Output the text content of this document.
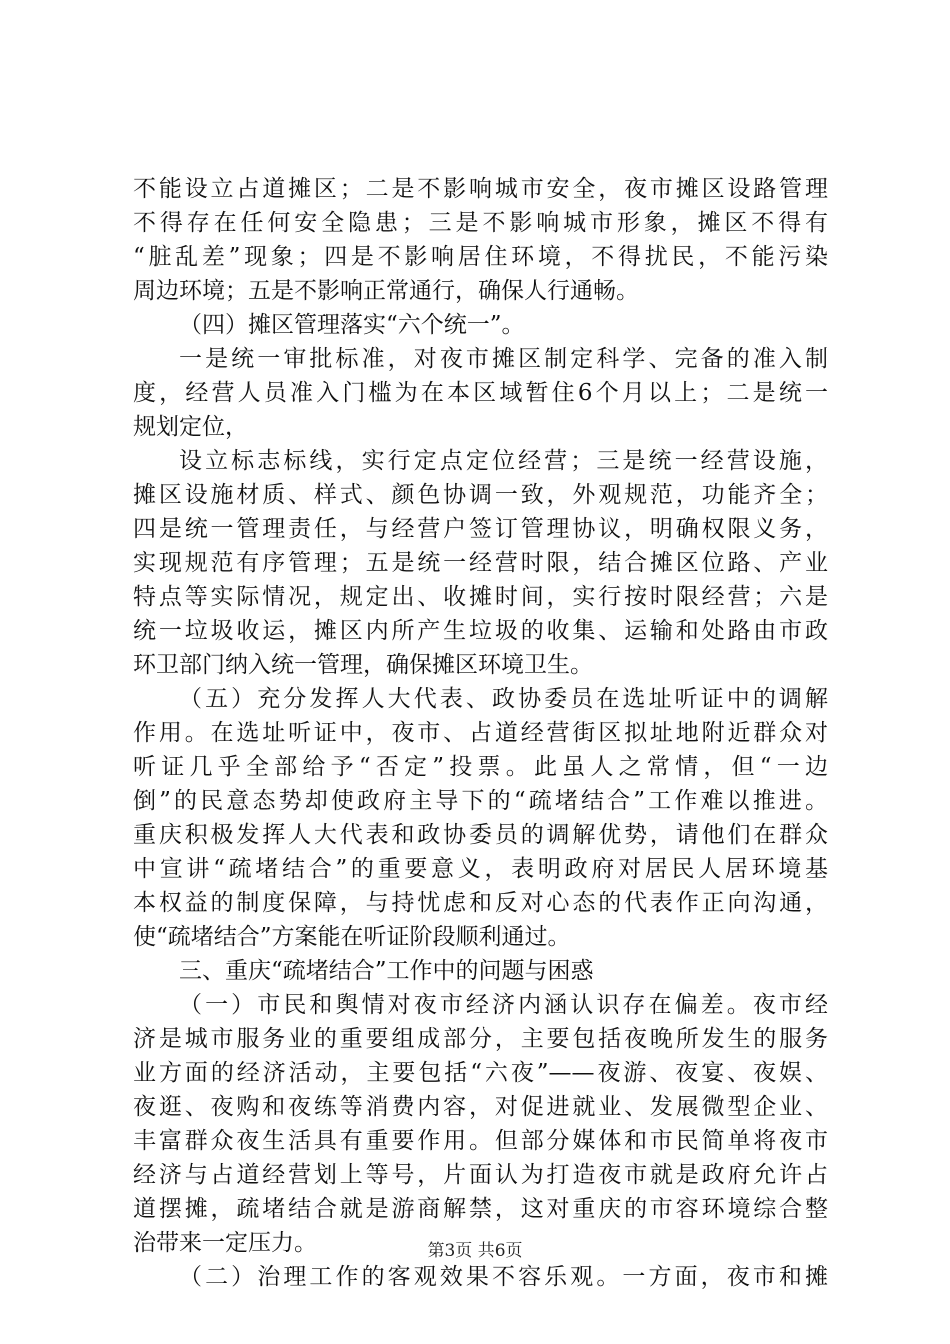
不能设立占道摊区；二是不影响城市安全，夜市摊区设路管理
不得存在任何安全隐患；三是不影响城市形象，摊区不得有
“脏乱差”现象；四是不影响居住环境，不得扰民，不能污染
周边环境；五是不影响正常通行，确保人行通畅。
（四）摊区管理落实“六个统一”。
一是统一审批标准，对夜市摊区制定科学、完备的准入制
度，经营人员准入门槛为在本区域暂住6个月以上；二是统一
规划定位，
设立标志标线，实行定点定位经营；三是统一经营设施，
摊区设施材质、样式、颜色协调一致，外观规范，功能齐全；
四是统一管理责任，与经营户签订管理协议，明确权限义务，
实现规范有序管理；五是统一经营时限，结合摊区位路、产业
特点等实际情况，规定出、收摊时间，实行按时限经营；六是
统一垃圾收运，摊区内所产生垃圾的收集、运输和处路由市政
环卫部门纳入统一管理，确保摊区环境卫生。
（五）充分发挥人大代表、政协委员在选址听证中的调解
作用。在选址听证中，夜市、占道经营街区拟址地附近群众对
听证几乎全部给予“否定”投票。此虽人之常情，但“一边
倒”的民意态势却使政府主导下的“疏堵结合”工作难以推进。
重庆积极发挥人大代表和政协委员的调解优势，请他们在群众
中宣讲“疏堵结合”的重要意义，表明政府对居民人居环境基
本权益的制度保障，与持忧虑和反对心态的代表作正向沟通，
使“疏堵结合”方案能在听证阶段顺利通过。
三、重庆“疏堵结合”工作中的问题与困惑
（一）市民和舆情对夜市经济内涵认识存在偏差。夜市经
济是城市服务业的重要组成部分，主要包括夜晚所发生的服务
业方面的经济活动，主要包括“六夜”——夜游、夜宴、夜娱、
夜逛、夜购和夜练等消费内容，对促进就业、发展微型企业、
丰富群众夜生活具有重要作用。但部分媒体和市民简单将夜市
经济与占道经营划上等号，片面认为打造夜市就是政府允许占
道摆摊，疏堵结合就是游商解禁，这对重庆的市容环境综合整
治带来一定压力。
（二）治理工作的客观效果不容乐观。一方面，夜市和摊
第3页 共6页
